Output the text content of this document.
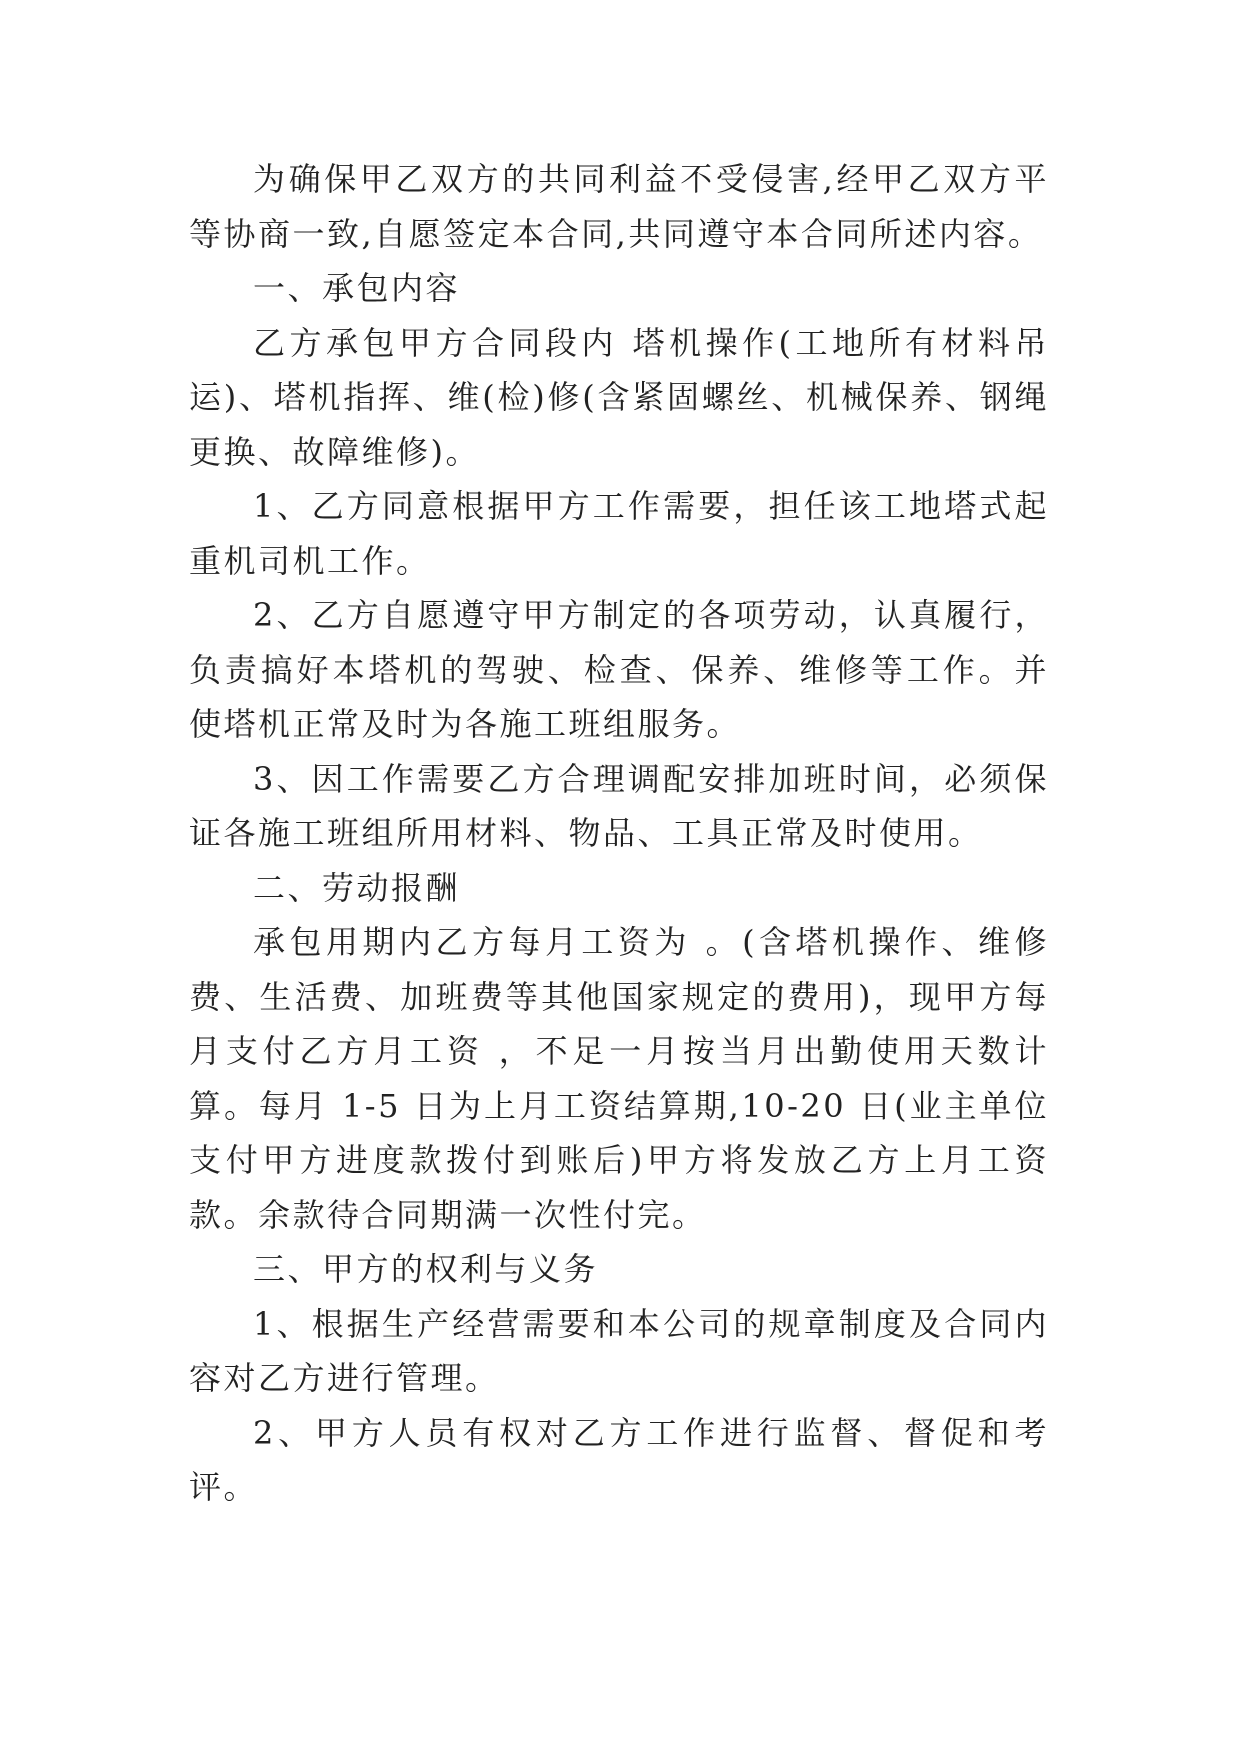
为确保甲乙双方的共同利益不受侵害,经甲乙双方平等协商一致,自愿签定本合同,共同遵守本合同所述内容。

一、承包内容

乙方承包甲方合同段内 塔机操作(工地所有材料吊运)、塔机指挥、维(检)修(含紧固螺丝、机械保养、钢绳更换、故障维修)。

1、乙方同意根据甲方工作需要，担任该工地塔式起重机司机工作。

2、乙方自愿遵守甲方制定的各项劳动，认真履行，负责搞好本塔机的驾驶、检查、保养、维修等工作。并使塔机正常及时为各施工班组服务。

3、因工作需要乙方合理调配安排加班时间，必须保证各施工班组所用材料、物品、工具正常及时使用。

二、劳动报酬

承包用期内乙方每月工资为 。(含塔机操作、维修费、生活费、加班费等其他国家规定的费用)，现甲方每月支付乙方月工资 ，不足一月按当月出勤使用天数计算。每月 1-5 日为上月工资结算期,10-20 日(业主单位支付甲方进度款拨付到账后)甲方将发放乙方上月工资款。余款待合同期满一次性付完。

三、甲方的权利与义务

1、根据生产经营需要和本公司的规章制度及合同内容对乙方进行管理。

2、甲方人员有权对乙方工作进行监督、督促和考评。
